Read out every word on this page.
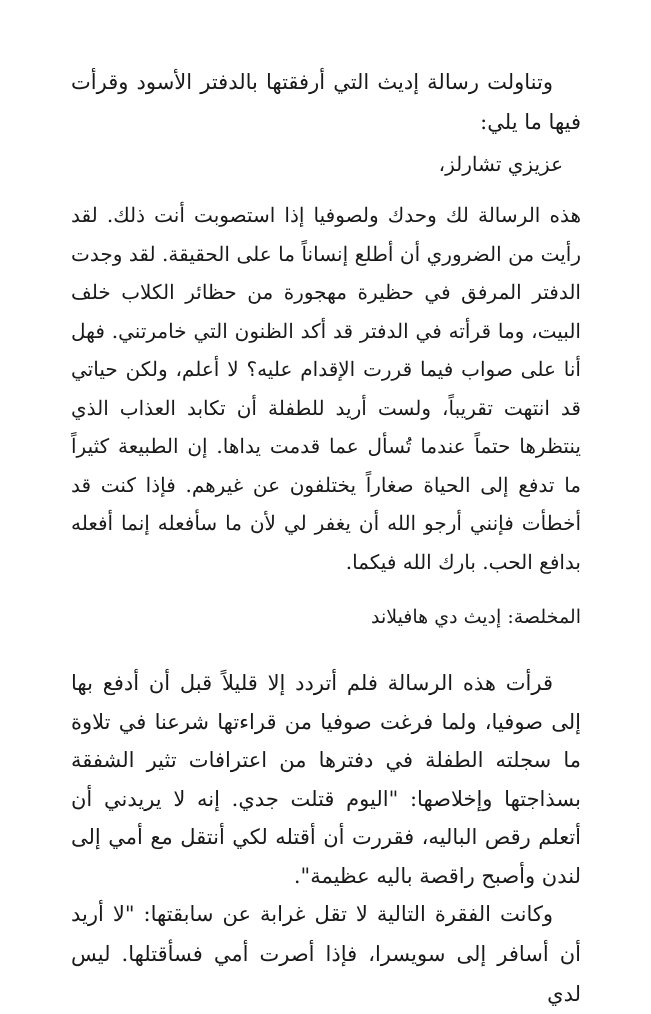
وتناولت رسالة إديث التي أرفقتها بالدفتر الأسود وقرأت فيها ما يلي:

عزيزي تشارلز،

هذه الرسالة لك وحدك ولصوفيا إذا استصوبت أنت ذلك. لقد رأيت من الضروري أن أطلع إنساناً ما على الحقيقة. لقد وجدت الدفتر المرفق في حظيرة مهجورة من حظائر الكلاب خلف البيت، وما قرأته في الدفتر قد أكد الظنون التي خامرتني. فهل أنا على صواب فيما قررت الإقدام عليه؟ لا أعلم، ولكن حياتي قد انتهت تقريباً، ولست أريد للطفلة أن تكابد العذاب الذي ينتظرها حتماً عندما تُسأل عما قدمت يداها. إن الطبيعة كثيراً ما تدفع إلى الحياة صغاراً يختلفون عن غيرهم. فإذا كنت قد أخطأت فإنني أرجو الله أن يغفر لي لأن ما سأفعله إنما أفعله بدافع الحب. بارك الله فيكما.

المخلصة: إديث دي هافيلاند

قرأت هذه الرسالة فلم أتردد إلا قليلاً قبل أن أدفع بها إلى صوفيا، ولما فرغت صوفيا من قراءتها شرعنا في تلاوة ما سجلته الطفلة في دفترها من اعترافات تثير الشفقة بسذاجتها وإخلاصها: "اليوم قتلت جدي. إنه لا يريدني أن أتعلم رقص الباليه، فقررت أن أقتله لكي أنتقل مع أمي إلى لندن وأصبح راقصة باليه عظيمة".

وكانت الفقرة التالية لا تقل غرابة عن سابقتها: "لا أريد أن أسافر إلى سويسرا، فإذا أصرت أمي فسأقتلها. ليس لدي
